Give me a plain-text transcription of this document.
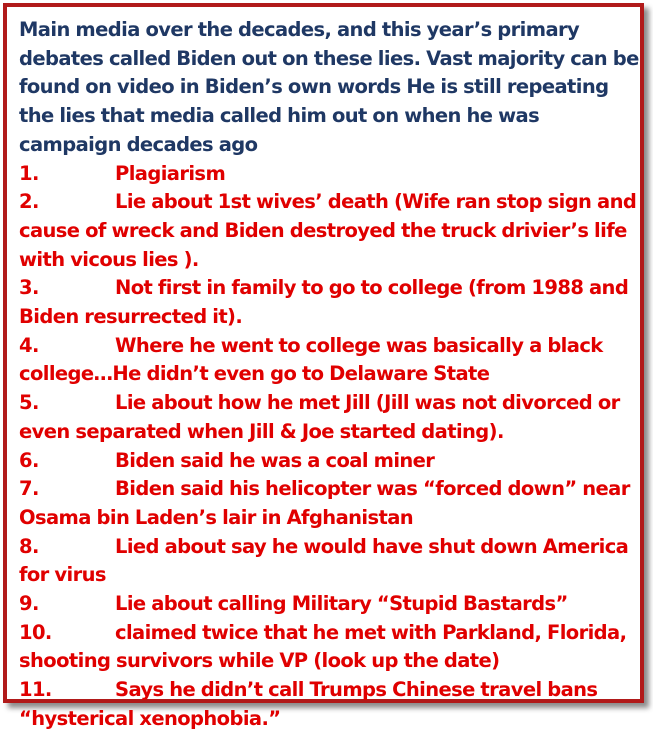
Main media over the decades, and this year’s primary debates called Biden out on these lies. Vast majority can be found on video in Biden’s own words He is still repeating the lies that media called him out on when he was campaign decades ago

1.	Plagiarism
2.	Lie about 1st wives’ death (Wife ran stop sign and cause of wreck and Biden destroyed the truck drivier’s life with vicous lies ).
3.	Not first in family to go to college (from 1988 and Biden resurrected it).
4.	Where he went to college was basically a black college…He didn’t even go to Delaware State
5.	Lie about how he met Jill (Jill was not divorced or even separated when Jill & Joe started dating).
6.	Biden said he was a coal miner
7.	Biden said his helicopter was “forced down” near Osama bin Laden’s lair in Afghanistan
8.	Lied about say he would have shut down America for virus
9.	Lie about calling Military “Stupid Bastards”
10.	claimed twice that he met with Parkland, Florida, shooting survivors while VP (look up the date)
11.	Says he didn’t call Trumps Chinese travel bans “hysterical xenophobia.”
